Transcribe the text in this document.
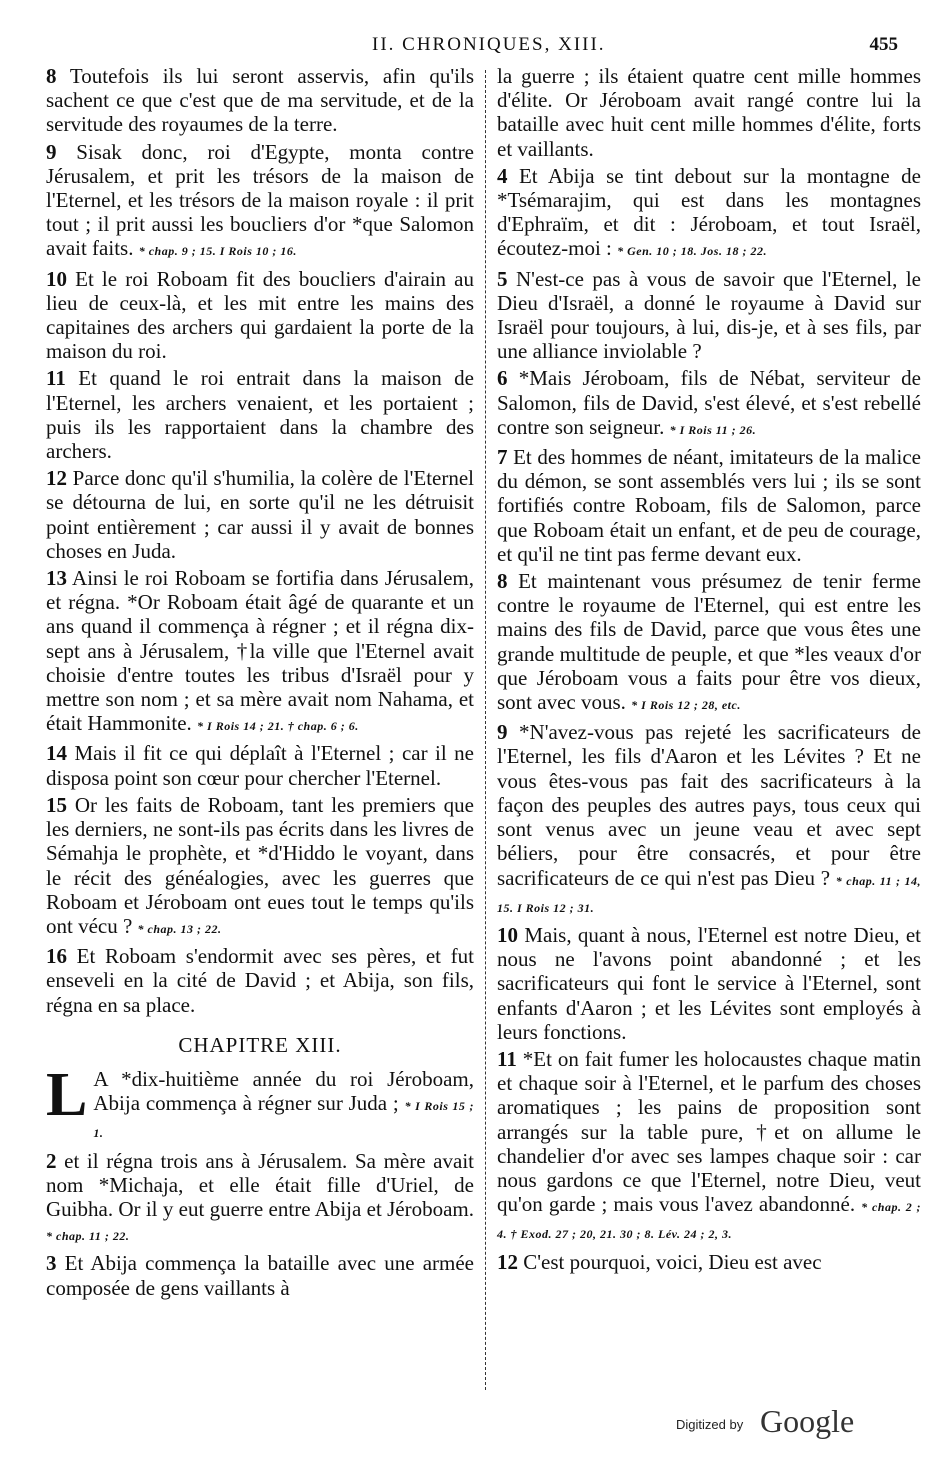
II. CHRONIQUES, XIII.	455

8 Toutefois ils lui seront asservis, afin qu'ils sachent ce que c'est que de ma servitude, et de la servitude des royaumes de la terre.

9 Sisak donc, roi d'Egypte, monta contre Jérusalem, et prit les trésors de la maison de l'Eternel, et les trésors de la maison royale : il prit tout ; il prit aussi les boucliers d'or *que Salomon avait faits. * chap. 9 ; 15. I Rois 10 ; 16.

10 Et le roi Roboam fit des boucliers d'airain au lieu de ceux-là, et les mit entre les mains des capitaines des archers qui gardaient la porte de la maison du roi.

11 Et quand le roi entrait dans la maison de l'Eternel, les archers venaient, et les portaient ; puis ils les rapportaient dans la chambre des archers.

12 Parce donc qu'il s'humilia, la colère de l'Eternel se détourna de lui, en sorte qu'il ne les détruisit point entièrement ; car aussi il y avait de bonnes choses en Juda.

13 Ainsi le roi Roboam se fortifia dans Jérusalem, et régna. *Or Roboam était âgé de quarante et un ans quand il commença à régner ; et il régna dix-sept ans à Jérusalem, †la ville que l'Eternel avait choisie d'entre toutes les tribus d'Israël pour y mettre son nom ; et sa mère avait nom Nahama, et était Hammonite. * I Rois 14 ; 21. † chap. 6 ; 6.

14 Mais il fit ce qui déplaît à l'Eternel ; car il ne disposa point son cœur pour chercher l'Eternel.

15 Or les faits de Roboam, tant les premiers que les derniers, ne sont-ils pas écrits dans les livres de Sémahja le prophète, et *d'Hiddo le voyant, dans le récit des généalogies, avec les guerres que Roboam et Jéroboam ont eues tout le temps qu'ils ont vécu ? * chap. 13 ; 22.

16 Et Roboam s'endormit avec ses pères, et fut enseveli en la cité de David ; et Abija, son fils, régna en sa place.

CHAPITRE XIII.

L A *dix-huitième année du roi Jéroboam, Abija commença à régner sur Juda ; * I Rois 15 ; 1.

2 et il régna trois ans à Jérusalem. Sa mère avait nom *Michaja, et elle était fille d'Uriel, de Guibha. Or il y eut guerre entre Abija et Jéroboam. * chap. 11 ; 22.

3 Et Abija commença la bataille avec une armée composée de gens vaillants à

la guerre ; ils étaient quatre cent mille hommes d'élite. Or Jéroboam avait rangé contre lui la bataille avec huit cent mille hommes d'élite, forts et vaillants.

4 Et Abija se tint debout sur la montagne de *Tsémarajim, qui est dans les montagnes d'Ephraïm, et dit : Jéroboam, et tout Israël, écoutez-moi : * Gen. 10 ; 18. Jos. 18 ; 22.

5 N'est-ce pas à vous de savoir que l'Eternel, le Dieu d'Israël, a donné le royaume à David sur Israël pour toujours, à lui, dis-je, et à ses fils, par une alliance inviolable ?

6 *Mais Jéroboam, fils de Nébat, serviteur de Salomon, fils de David, s'est élevé, et s'est rebellé contre son seigneur. * I Rois 11 ; 26.

7 Et des hommes de néant, imitateurs de la malice du démon, se sont assemblés vers lui ; ils se sont fortifiés contre Roboam, fils de Salomon, parce que Roboam était un enfant, et de peu de courage, et qu'il ne tint pas ferme devant eux.

8 Et maintenant vous présumez de tenir ferme contre le royaume de l'Eternel, qui est entre les mains des fils de David, parce que vous êtes une grande multitude de peuple, et que *les veaux d'or que Jéroboam vous a faits pour être vos dieux, sont avec vous. * I Rois 12 ; 28, etc.

9 *N'avez-vous pas rejeté les sacrificateurs de l'Eternel, les fils d'Aaron et les Lévites ? Et ne vous êtes-vous pas fait des sacrificateurs à la façon des peuples des autres pays, tous ceux qui sont venus avec un jeune veau et avec sept béliers, pour être consacrés, et pour être sacrificateurs de ce qui n'est pas Dieu ? * chap. 11 ; 14, 15. I Rois 12 ; 31.

10 Mais, quant à nous, l'Eternel est notre Dieu, et nous ne l'avons point abandonné ; et les sacrificateurs qui font le service à l'Eternel, sont enfants d'Aaron ; et les Lévites sont employés à leurs fonctions.

11 *Et on fait fumer les holocaustes chaque matin et chaque soir à l'Eternel, et le parfum des choses aromatiques ; les pains de proposition sont arrangés sur la table pure, †et on allume le chandelier d'or avec ses lampes chaque soir : car nous gardons ce que l'Eternel, notre Dieu, veut qu'on garde ; mais vous l'avez abandonné. * chap. 2 ; 4. † Exod. 27 ; 20, 21. 30 ; 8. Lév. 24 ; 2, 3.

12 C'est pourquoi, voici, Dieu est avec

Digitized by Google
